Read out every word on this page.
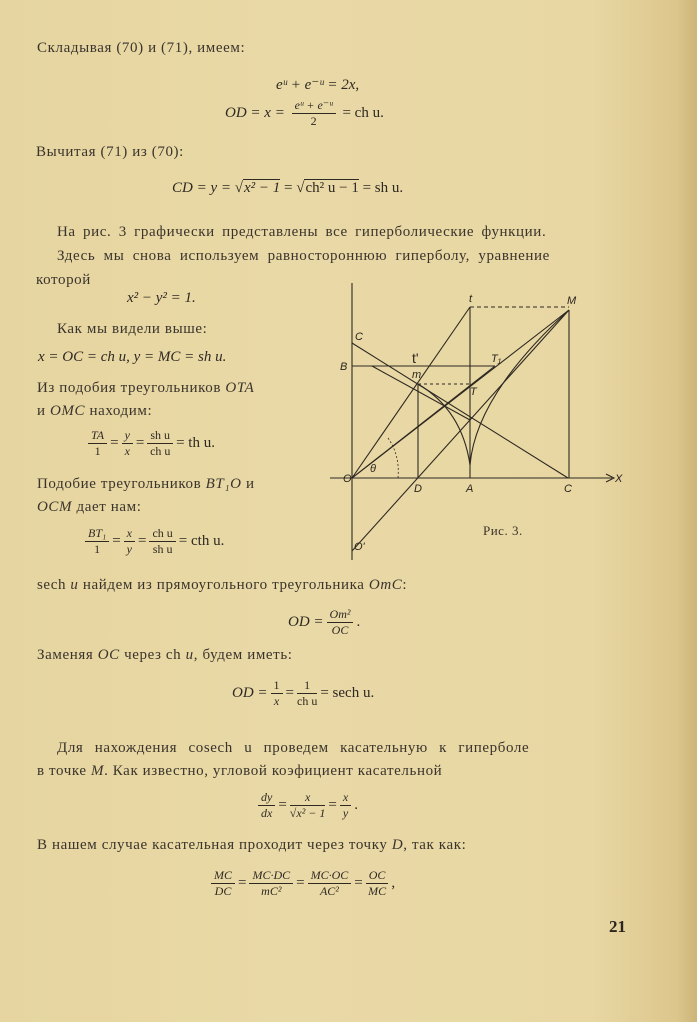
Складывая (70) и (71), имеем:
eᵘ + e⁻ᵘ = 2x,
OD = $x = \frac{\text{eᵘ + e⁻ᵘ}}{2}$ = ch u.
Вычитая (71) из (70):
CD = y = √x² − 1 = √ch² u − 1 = sh u.
На рис. 3 графически представлены все гиперболические функции.
Здесь мы снова используем равностороннюю гиперболу, уравнение
которой
x² − y² = 1.
Как мы видели выше:
x = OC = ch u, y = MC = sh u.
Из подобия треугольников OTA
и OMC находим:
$\frac{TA}{1} = \frac{y}{x} = \frac{\text{sh u}}{\text{ch u}}$ = th u.
Подобие треугольников BT₁O и
OCM дает нам:
$\frac{\text{BT₁}}{1} = \frac{x}{y} = \frac{\text{ch u}}{\text{sh u}}$ = cth u.
O
D	A	C
X
M
t
B
T₁
m
T
C
O'
θ
t'
Рис. 3.
sech u найдем из прямоугольного треугольника OmC:
OD = $\frac{\text{Om²}}{OC}$ .
Заменяя OC через ch u, будем иметь:
OD = $\frac{1}{x} = \frac{1}{\text{ch u}} = \sec h$ u.
Для нахождения cosech u проведем касательную к гиперболе
в точке M. Как известно, угловой коэфициент касательной
$\frac{dy}{dx} = \frac{x}{\text{√x² − 1}} = \frac{x}{y}$ .
В нашем случае касательная проходит через точку D, так как:
$\frac{MC}{DC} = \frac{MC\cdot DC}{\text{mC²}} = \frac{MC\cdot OC}{\text{AC²}} = \frac{OC}{MC}$ ,
21
